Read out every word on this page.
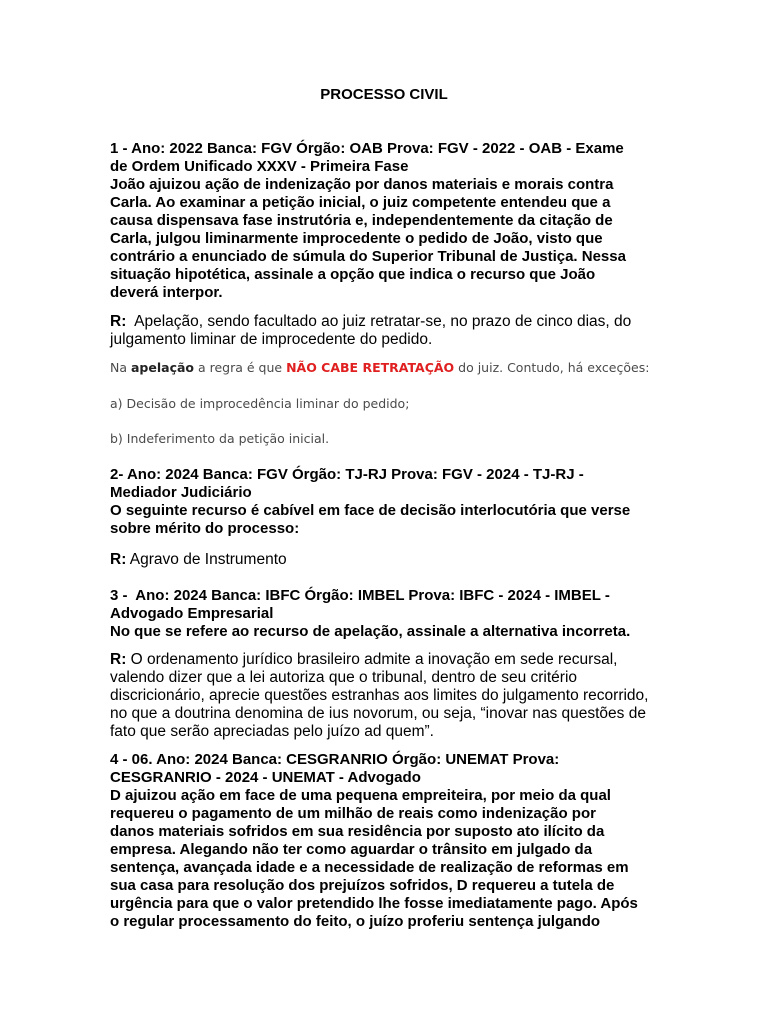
PROCESSO CIVIL
1 - Ano: 2022 Banca: FGV Órgão: OAB Prova: FGV - 2022 - OAB - Exame
de Ordem Unificado XXXV - Primeira Fase
João ajuizou ação de indenização por danos materiais e morais contra
Carla. Ao examinar a petição inicial, o juiz competente entendeu que a
causa dispensava fase instrutória e, independentemente da citação de
Carla, julgou liminarmente improcedente o pedido de João, visto que
contrário a enunciado de súmula do Superior Tribunal de Justiça. Nessa
situação hipotética, assinale a opção que indica o recurso que João
deverá interpor.
R:  Apelação, sendo facultado ao juiz retratar-se, no prazo de cinco dias, do
julgamento liminar de improcedente do pedido.
Na apelação a regra é que NÃO CABE RETRATAÇÃO do juiz. Contudo, há exceções:
a) Decisão de improcedência liminar do pedido;
b) Indeferimento da petição inicial.
2- Ano: 2024 Banca: FGV Órgão: TJ-RJ Prova: FGV - 2024 - TJ-RJ -
Mediador Judiciário
O seguinte recurso é cabível em face de decisão interlocutória que verse
sobre mérito do processo:
R: Agravo de Instrumento
3 -  Ano: 2024 Banca: IBFC Órgão: IMBEL Prova: IBFC - 2024 - IMBEL -
Advogado Empresarial
No que se refere ao recurso de apelação, assinale a alternativa incorreta.
R: O ordenamento jurídico brasileiro admite a inovação em sede recursal,
valendo dizer que a lei autoriza que o tribunal, dentro de seu critério
discricionário, aprecie questões estranhas aos limites do julgamento recorrido,
no que a doutrina denomina de ius novorum, ou seja, “inovar nas questões de
fato que serão apreciadas pelo juízo ad quem”.
4 - 06. Ano: 2024 Banca: CESGRANRIO Órgão: UNEMAT Prova:
CESGRANRIO - 2024 - UNEMAT - Advogado
D ajuizou ação em face de uma pequena empreiteira, por meio da qual
requereu o pagamento de um milhão de reais como indenização por
danos materiais sofridos em sua residência por suposto ato ilícito da
empresa. Alegando não ter como aguardar o trânsito em julgado da
sentença, avançada idade e a necessidade de realização de reformas em
sua casa para resolução dos prejuízos sofridos, D requereu a tutela de
urgência para que o valor pretendido lhe fosse imediatamente pago. Após
o regular processamento do feito, o juízo proferiu sentença julgando
